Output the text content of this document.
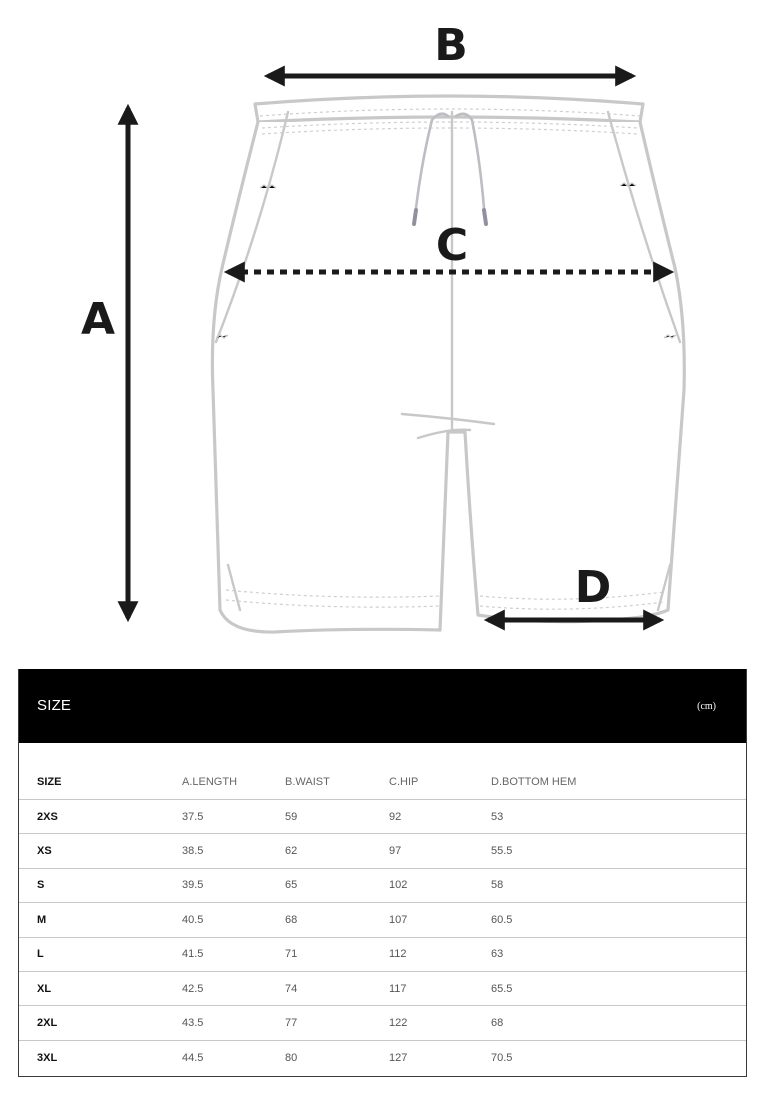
A
B
C
D
SIZE	(cm)
SIZE	A.LENGTH	B.WAIST	C.HIP	D.BOTTOM HEM
2XS	37.5	59	92	53
XS	38.5	62	97	55.5
S	39.5	65	102	58
M	40.5	68	107	60.5
L	41.5	71	112	63
XL	42.5	74	117	65.5
2XL	43.5	77	122	68
3XL	44.5	80	127	70.5
